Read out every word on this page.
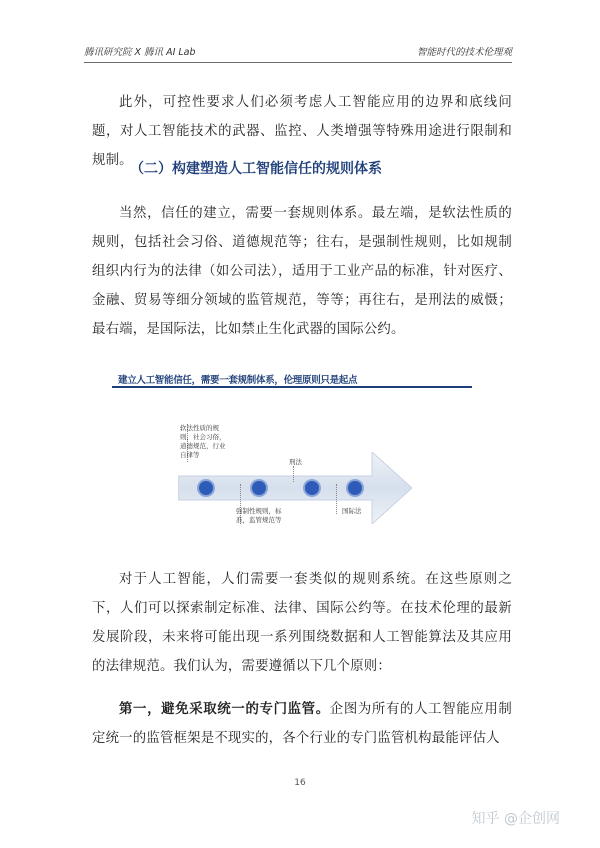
腾讯研究院 X 腾讯 AI Lab	智能时代的技术伦理观

此外，可控性要求人们必须考虑人工智能应用的边界和底线问题，对人工智能技术的武器、监控、人类增强等特殊用途进行限制和规制。

（二）构建塑造人工智能信任的规则体系

当然，信任的建立，需要一套规则体系。最左端，是软法性质的规则，包括社会习俗、道德规范等；往右，是强制性规则，比如规制组织内行为的法律（如公司法），适用于工业产品的标准，针对医疗、金融、贸易等细分领域的监管规范，等等；再往右，是刑法的威慑；最右端，是国际法，比如禁止生化武器的国际公约。

建立人工智能信任，需要一套规制体系，伦理原则只是起点
软法性质的规则，社会习俗，道德规范，行业自律等
刑法
强制性规则，标准，监管规范等
国际法

对于人工智能，人们需要一套类似的规则系统。在这些原则之下，人们可以探索制定标准、法律、国际公约等。在技术伦理的最新发展阶段，未来将可能出现一系列围绕数据和人工智能算法及其应用的法律规范。我们认为，需要遵循以下几个原则：

第一，避免采取统一的专门监管。企图为所有的人工智能应用制定统一的监管框架是不现实的，各个行业的专门监管机构最能评估人

16
知乎 @企创网
